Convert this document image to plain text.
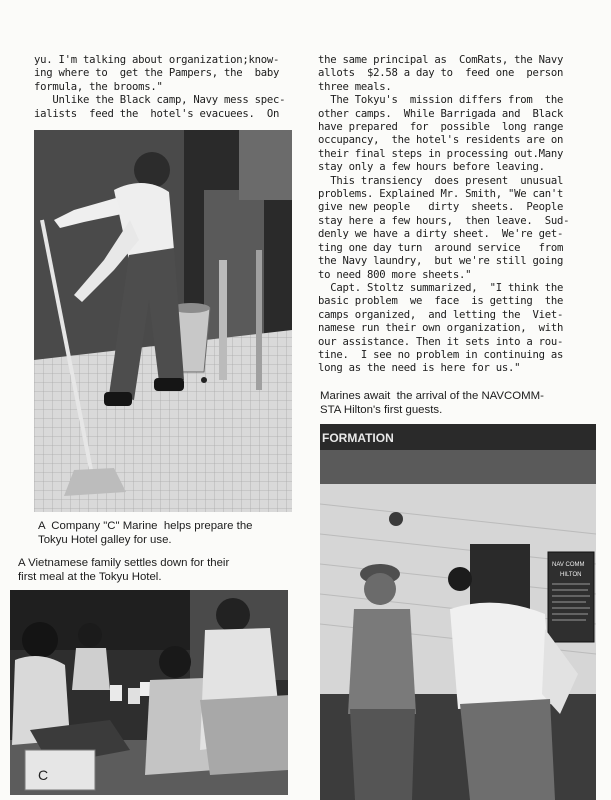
yu. I'm talking about organization;know-
ing where to  get the Pampers, the  baby
formula, the brooms."

Unlike the Black camp, Navy mess spec-
ialists  feed the  hotel's evacuees.  On

the same principal as  ComRats, the Navy
allots  $2.58 a day to  feed one  person
three meals.

The Tokyu's  mission differs from  the
other camps.  While Barrigada and  Black
have prepared  for  possible  long range
occupancy,  the hotel's residents are on
their final steps in processing out.Many
stay only a few hours before leaving.

This transiency  does present  unusual
problems. Explained Mr. Smith, "We can't
give new people   dirty  sheets.  People
stay here a few hours,  then leave.  Sud-
denly we have a dirty sheet.  We're get-
ting one day turn  around service   from
the Navy laundry,  but we're still going
to need 800 more sheets."

Capt. Stoltz summarized,  "I think the
basic problem  we  face  is getting  the
camps organized,  and letting the  Viet-
namese run their own organization,  with
our assistance. Then it sets into a rou-
tine.  I see no problem in continuing as
long as the need is here for us."

A  Company "C" Marine  helps prepare the
Tokyu Hotel galley for use.

A Vietnamese family settles down for their
first meal at the Tokyu Hotel.

C

Marines await  the arrival of the NAVCOMM-
STA Hilton's first guests.

FORMATION
NAV COMM
HILTON
